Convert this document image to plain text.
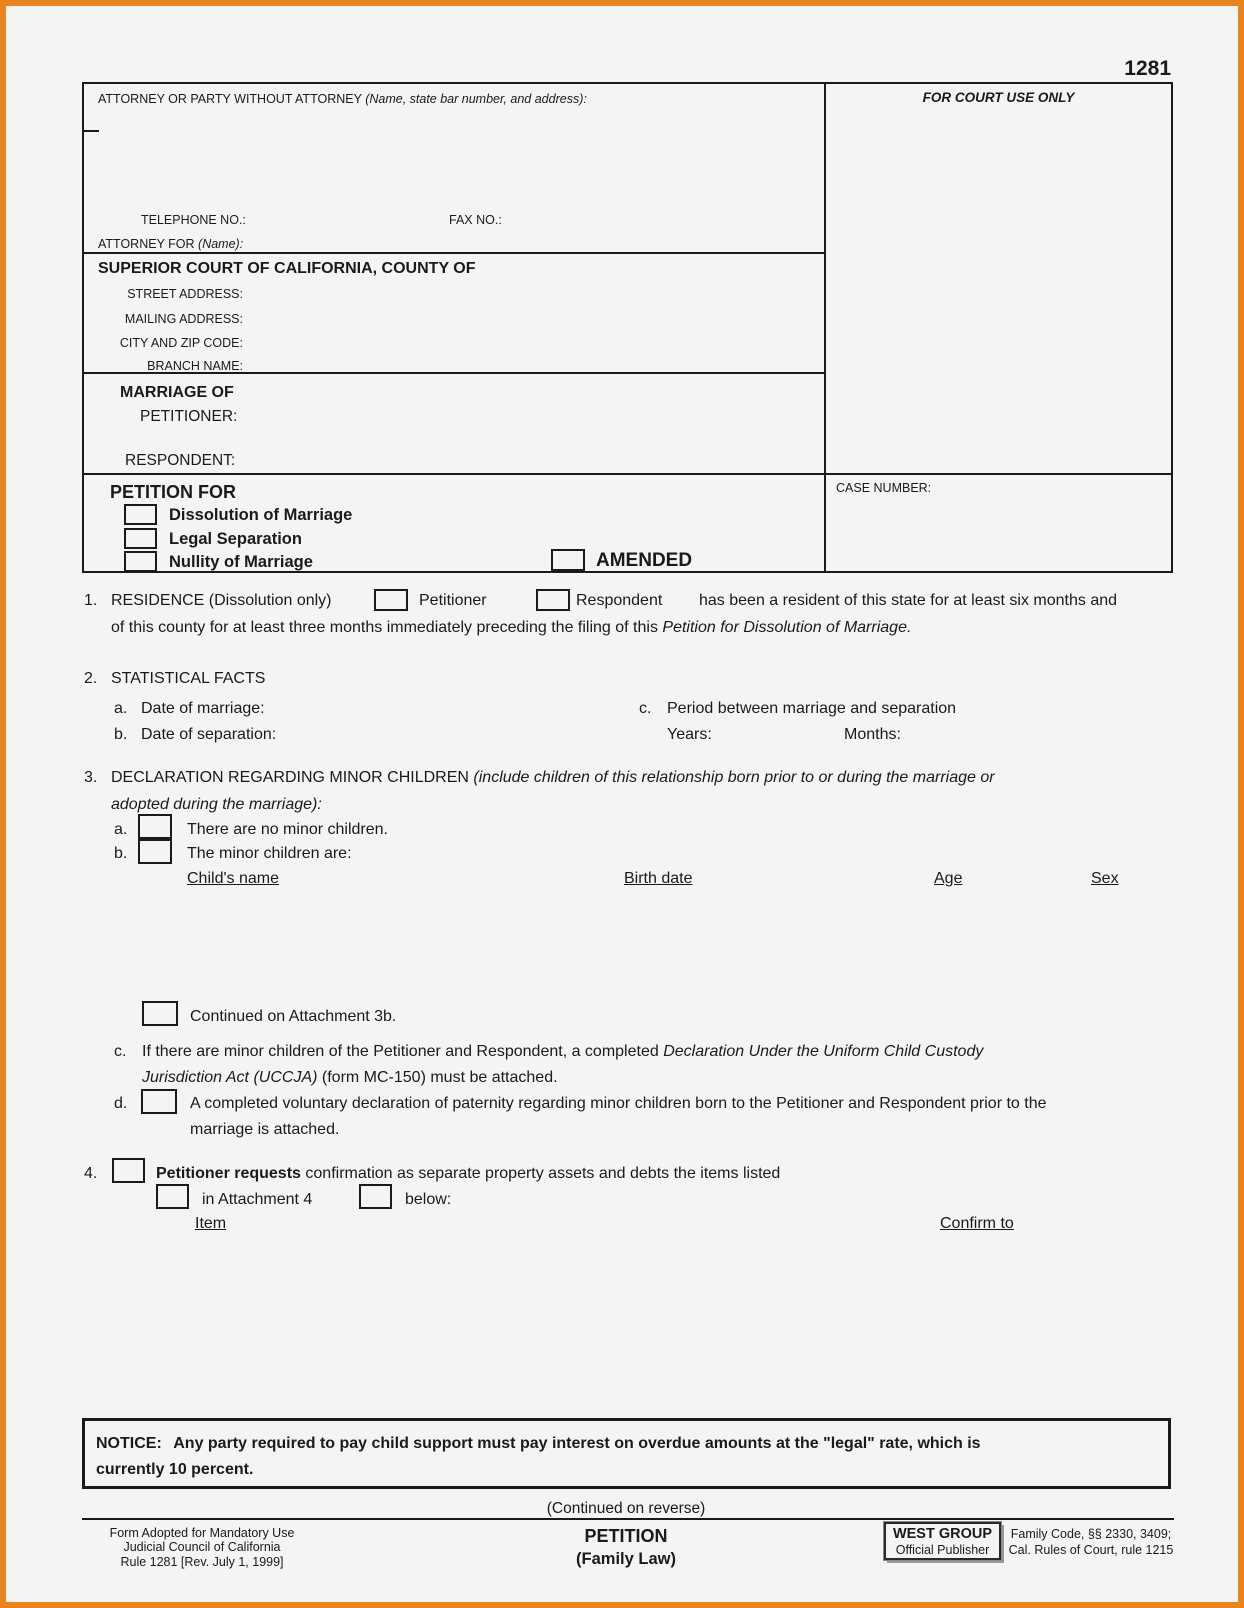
1281
ATTORNEY OR PARTY WITHOUT ATTORNEY (Name, state bar number, and address):
TELEPHONE NO.:	FAX NO.:
ATTORNEY FOR (Name):
FOR COURT USE ONLY
SUPERIOR COURT OF CALIFORNIA, COUNTY OF
STREET ADDRESS:
MAILING ADDRESS:
CITY AND ZIP CODE:
BRANCH NAME:
MARRIAGE OF
PETITIONER:
RESPONDENT:
PETITION FOR
Dissolution of Marriage
Legal Separation
Nullity of Marriage	AMENDED
CASE NUMBER:
1. RESIDENCE (Dissolution only)	Petitioner	Respondent has been a resident of this state for at least six months and
of this county for at least three months immediately preceding the filing of this Petition for Dissolution of Marriage.
2. STATISTICAL FACTS
a. Date of marriage:	c. Period between marriage and separation
b. Date of separation:	Years:	Months:
3. DECLARATION REGARDING MINOR CHILDREN (include children of this relationship born prior to or during the marriage or
adopted during the marriage):
a.	There are no minor children.
b.	The minor children are:
Child's name	Birth date	Age	Sex
Continued on Attachment 3b.
c. If there are minor children of the Petitioner and Respondent, a completed Declaration Under the Uniform Child Custody
Jurisdiction Act (UCCJA) (form MC-150) must be attached.
d.	A completed voluntary declaration of paternity regarding minor children born to the Petitioner and Respondent prior to the
marriage is attached.
4.	Petitioner requests confirmation as separate property assets and debts the items listed
in Attachment 4	below:
Item	Confirm to
NOTICE: Any party required to pay child support must pay interest on overdue amounts at the "legal" rate, which is
currently 10 percent.
(Continued on reverse)
Form Adopted for Mandatory Use
Judicial Council of California
Rule 1281 [Rev. July 1, 1999]
PETITION
(Family Law)
WEST GROUP
Official Publisher
Family Code, §§ 2330, 3409;
Cal. Rules of Court, rule 1215
